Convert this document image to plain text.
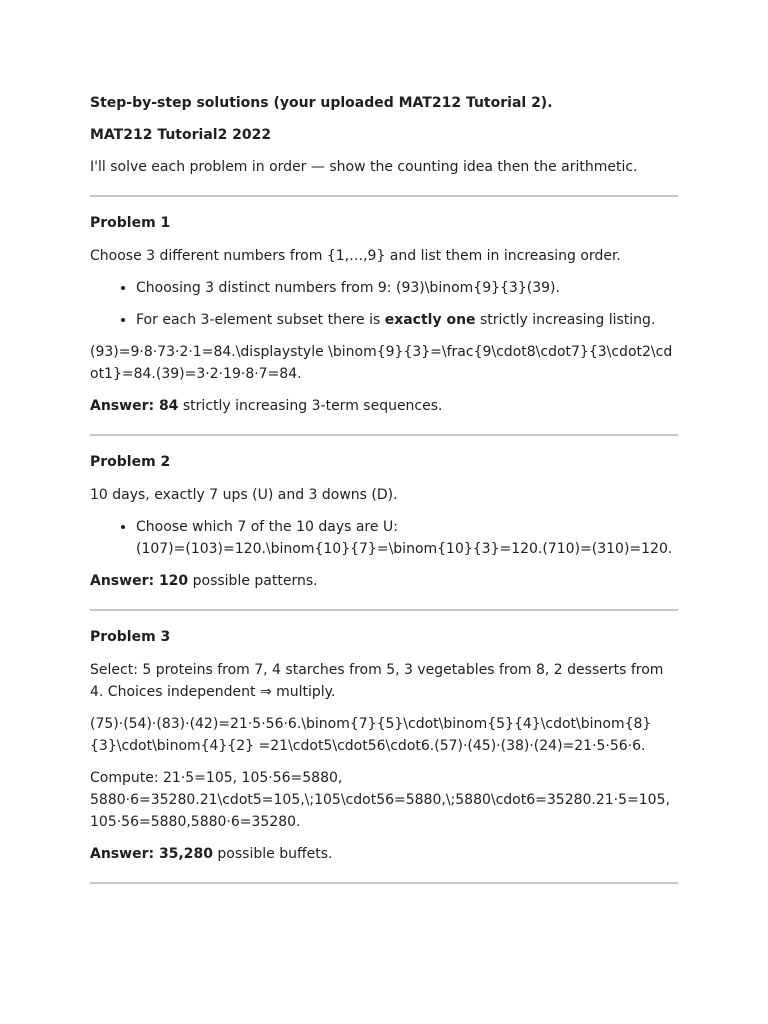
Step-by-step solutions (your uploaded MAT212 Tutorial 2).

MAT212 Tutorial2 2022

I'll solve each problem in order — show the counting idea then the arithmetic.

Problem 1

Choose 3 different numbers from {1,…,9} and list them in increasing order.

• Choosing 3 distinct numbers from 9: (93)\binom{9}{3}(39).
• For each 3-element subset there is exactly one strictly increasing listing.

(93)=9⋅8⋅73⋅2⋅1=84.\displaystyle \binom{9}{3}=\frac{9\cdot8\cdot7}{3\cdot2\cdot1}=84.(39)=3⋅2⋅19⋅8⋅7=84.

Answer: 84 strictly increasing 3-term sequences.

Problem 2

10 days, exactly 7 ups (U) and 3 downs (D).

• Choose which 7 of the 10 days are U:
(107)=(103)=120.\binom{10}{7}=\binom{10}{3}=120.(710)=(310)=120.

Answer: 120 possible patterns.

Problem 3

Select: 5 proteins from 7, 4 starches from 5, 3 vegetables from 8, 2 desserts from 4. Choices independent ⇒ multiply.

(75)⋅(54)⋅(83)⋅(42)=21⋅5⋅56⋅6.\binom{7}{5}\cdot\binom{5}{4}\cdot\binom{8}{3}\cdot\binom{4}{2} =21\cdot5\cdot56\cdot6.(57)⋅(45)⋅(38)⋅(24)=21⋅5⋅56⋅6.

Compute: 21⋅5=105, 105⋅56=5880,
5880⋅6=35280.21\cdot5=105,\;105\cdot56=5880,\;5880\cdot6=35280.21⋅5=105,105⋅56=5880,5880⋅6=35280.

Answer: 35,280 possible buffets.
